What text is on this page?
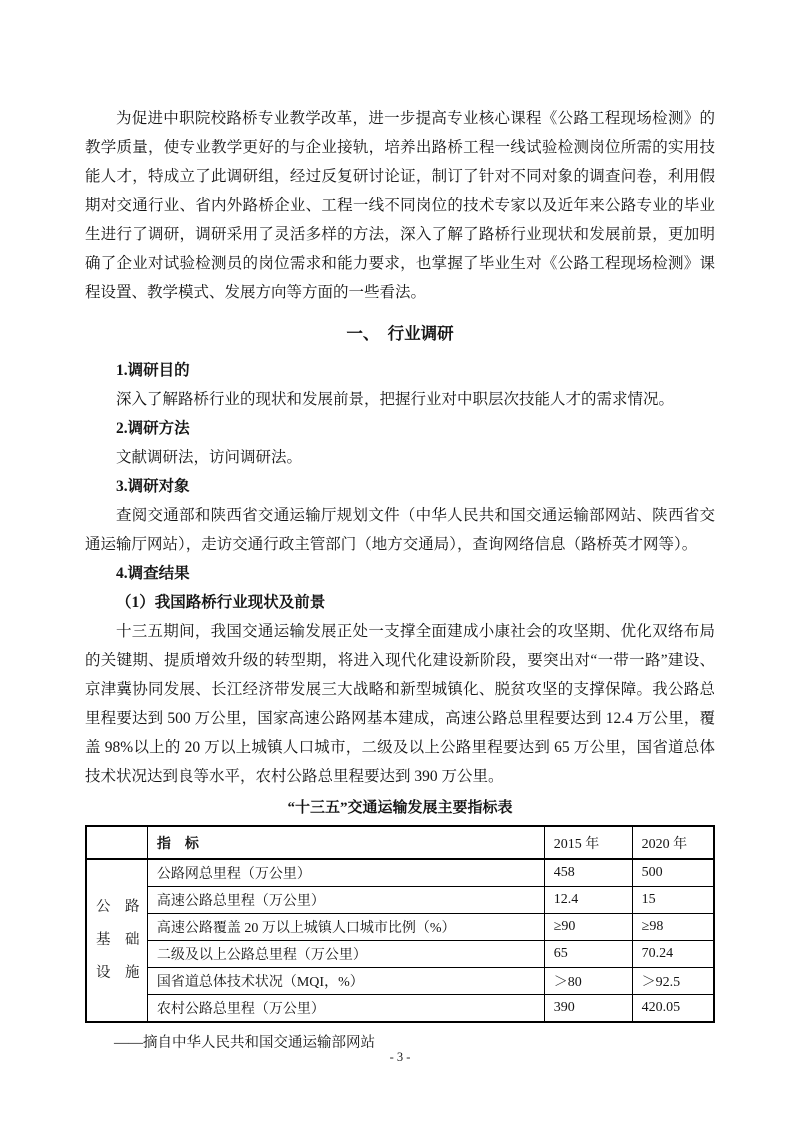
为促进中职院校路桥专业教学改革，进一步提高专业核心课程《公路工程现场检测》的教学质量，使专业教学更好的与企业接轨，培养出路桥工程一线试验检测岗位所需的实用技能人才，特成立了此调研组，经过反复研讨论证，制订了针对不同对象的调查问卷，利用假期对交通行业、省内外路桥企业、工程一线不同岗位的技术专家以及近年来公路专业的毕业生进行了调研，调研采用了灵活多样的方法，深入了解了路桥行业现状和发展前景，更加明确了企业对试验检测员的岗位需求和能力要求，也掌握了毕业生对《公路工程现场检测》课程设置、教学模式、发展方向等方面的一些看法。

一、　行业调研

1.调研目的

深入了解路桥行业的现状和发展前景，把握行业对中职层次技能人才的需求情况。

2.调研方法

文献调研法，访问调研法。

3.调研对象

查阅交通部和陕西省交通运输厅规划文件（中华人民共和国交通运输部网站、陕西省交通运输厅网站），走访交通行政主管部门（地方交通局），查询网络信息（路桥英才网等）。

4.调查结果

（1）我国路桥行业现状及前景

十三五期间，我国交通运输发展正处一支撑全面建成小康社会的攻坚期、优化双络布局的关键期、提质增效升级的转型期，将进入现代化建设新阶段，要突出对“一带一路”建设、京津冀协同发展、长江经济带发展三大战略和新型城镇化、脱贫攻坚的支撑保障。我公路总里程要达到 500 万公里，国家高速公路网基本建成，高速公路总里程要达到 12.4 万公里，覆盖 98%以上的 20 万以上城镇人口城市，二级及以上公路里程要达到 65 万公里，国省道总体技术状况达到良等水平，农村公路总里程要达到 390 万公里。

“十三五”交通运输发展主要指标表
	指　标	2015 年	2020 年

公　路
基　础
设　施	公路网总里程（万公里）	458	500
	高速公路总里程（万公里）	12.4	15
	高速公路覆盖 20 万以上城镇人口城市比例（%）	≥90	≥98
	二级及以上公路总里程（万公里）	65	70.24
	国省道总体技术状况（MQI，%）	＞80	＞92.5
	农村公路总里程（万公里）	390	420.05

——摘自中华人民共和国交通运输部网站

- 3 -
